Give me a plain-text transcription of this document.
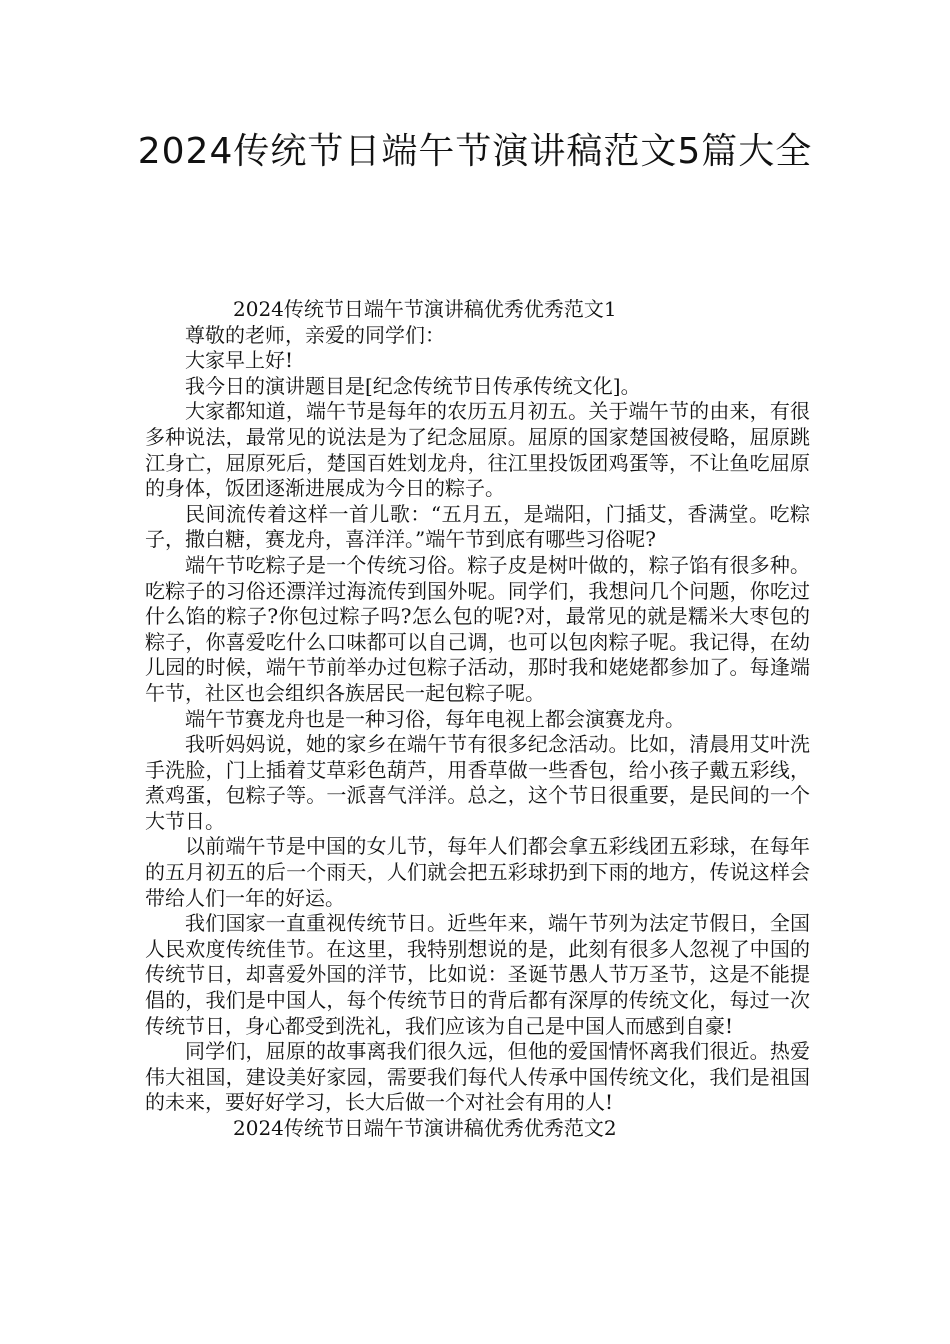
2024传统节日端午节演讲稿范文5篇大全

2024传统节日端午节演讲稿优秀优秀范文1

尊敬的老师，亲爱的同学们：

大家早上好!

我今日的演讲题目是[纪念传统节日传承传统文化]。

大家都知道，端午节是每年的农历五月初五。关于端午节的由来，有很多种说法，最常见的说法是为了纪念屈原。屈原的国家楚国被侵略，屈原跳江身亡，屈原死后，楚国百姓划龙舟，往江里投饭团鸡蛋等，不让鱼吃屈原的身体，饭团逐渐进展成为今日的粽子。

民间流传着这样一首儿歌：“五月五，是端阳，门插艾，香满堂。吃粽子，撒白糖，赛龙舟，喜洋洋。”端午节到底有哪些习俗呢?

端午节吃粽子是一个传统习俗。粽子皮是树叶做的，粽子馅有很多种。吃粽子的习俗还漂洋过海流传到国外呢。同学们，我想问几个问题，你吃过什么馅的粽子?你包过粽子吗?怎么包的呢?对，最常见的就是糯米大枣包的粽子，你喜爱吃什么口味都可以自己调，也可以包肉粽子呢。我记得，在幼儿园的时候，端午节前举办过包粽子活动，那时我和姥姥都参加了。每逢端午节，社区也会组织各族居民一起包粽子呢。

端午节赛龙舟也是一种习俗，每年电视上都会演赛龙舟。

我听妈妈说，她的家乡在端午节有很多纪念活动。比如，清晨用艾叶洗手洗脸，门上插着艾草彩色葫芦，用香草做一些香包，给小孩子戴五彩线，煮鸡蛋，包粽子等。一派喜气洋洋。总之，这个节日很重要，是民间的一个大节日。

以前端午节是中国的女儿节，每年人们都会拿五彩线团五彩球，在每年的五月初五的后一个雨天，人们就会把五彩球扔到下雨的地方，传说这样会带给人们一年的好运。

我们国家一直重视传统节日。近些年来，端午节列为法定节假日，全国人民欢度传统佳节。在这里，我特别想说的是，此刻有很多人忽视了中国的传统节日，却喜爱外国的洋节，比如说：圣诞节愚人节万圣节，这是不能提倡的，我们是中国人，每个传统节日的背后都有深厚的传统文化，每过一次传统节日，身心都受到洗礼，我们应该为自己是中国人而感到自豪!

同学们，屈原的故事离我们很久远，但他的爱国情怀离我们很近。热爱伟大祖国，建设美好家园，需要我们每代人传承中国传统文化，我们是祖国的未来，要好好学习，长大后做一个对社会有用的人!

2024传统节日端午节演讲稿优秀优秀范文2
